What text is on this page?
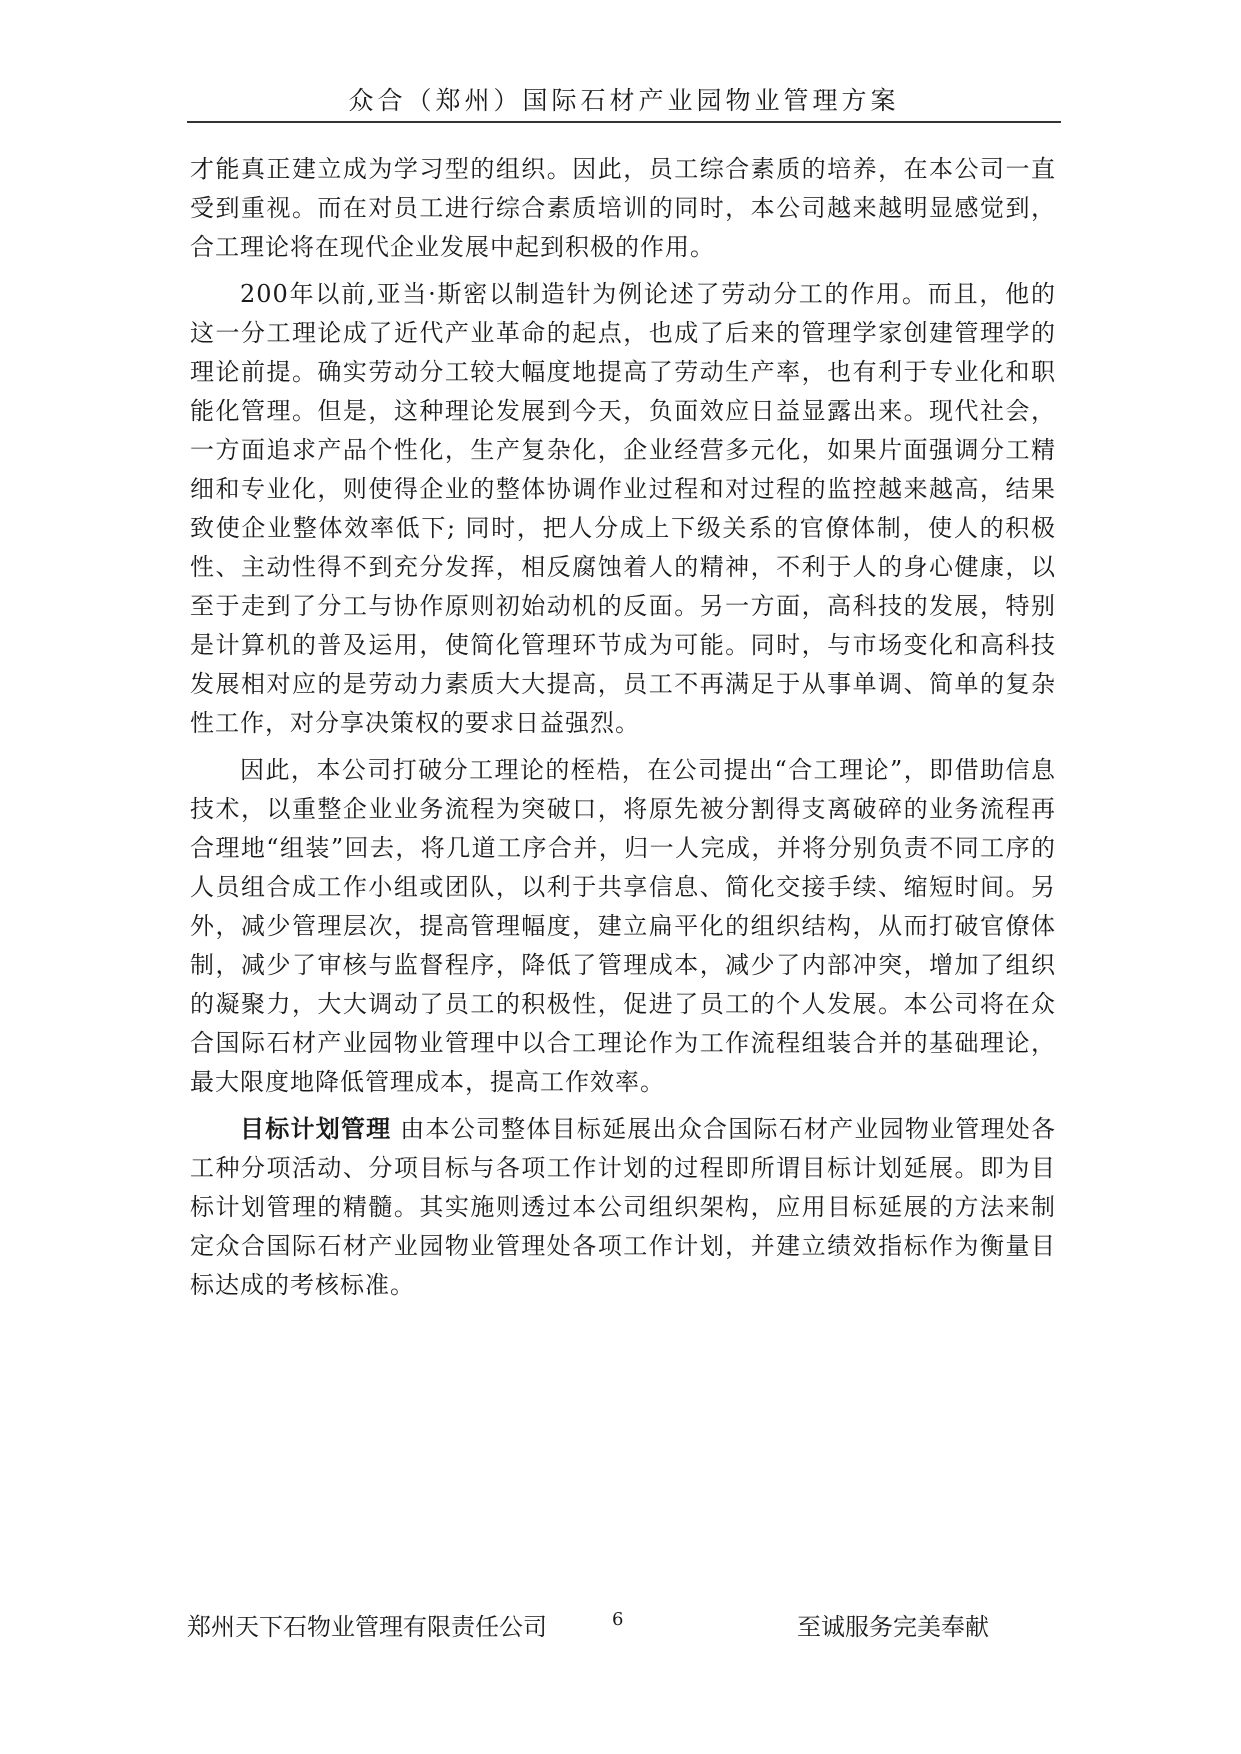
众合（郑州）国际石材产业园物业管理方案

才能真正建立成为学习型的组织。因此，员工综合素质的培养，在本公司一直受到重视。而在对员工进行综合素质培训的同时，本公司越来越明显感觉到，合工理论将在现代企业发展中起到积极的作用。

200年以前,亚当·斯密以制造针为例论述了劳动分工的作用。而且，他的这一分工理论成了近代产业革命的起点，也成了后来的管理学家创建管理学的理论前提。确实劳动分工较大幅度地提高了劳动生产率，也有利于专业化和职能化管理。但是，这种理论发展到今天，负面效应日益显露出来。现代社会，一方面追求产品个性化，生产复杂化，企业经营多元化，如果片面强调分工精细和专业化，则使得企业的整体协调作业过程和对过程的监控越来越高，结果致使企业整体效率低下; 同时，把人分成上下级关系的官僚体制，使人的积极性、主动性得不到充分发挥，相反腐蚀着人的精神，不利于人的身心健康，以至于走到了分工与协作原则初始动机的反面。另一方面，高科技的发展，特别是计算机的普及运用，使简化管理环节成为可能。同时，与市场变化和高科技发展相对应的是劳动力素质大大提高，员工不再满足于从事单调、简单的复杂性工作，对分享决策权的要求日益强烈。

因此，本公司打破分工理论的桎梏，在公司提出“合工理论”，即借助信息技术，以重整企业业务流程为突破口，将原先被分割得支离破碎的业务流程再合理地“组装”回去，将几道工序合并，归一人完成，并将分别负责不同工序的人员组合成工作小组或团队，以利于共享信息、简化交接手续、缩短时间。另外，减少管理层次，提高管理幅度，建立扁平化的组织结构，从而打破官僚体制，减少了审核与监督程序，降低了管理成本，减少了内部冲突，增加了组织的凝聚力，大大调动了员工的积极性，促进了员工的个人发展。本公司将在众合国际石材产业园物业管理中以合工理论作为工作流程组装合并的基础理论，最大限度地降低管理成本，提高工作效率。

目标计划管理 由本公司整体目标延展出众合国际石材产业园物业管理处各工种分项活动、分项目标与各项工作计划的过程即所谓目标计划延展。即为目标计划管理的精髓。其实施则透过本公司组织架构，应用目标延展的方法来制定众合国际石材产业园物业管理处各项工作计划，并建立绩效指标作为衡量目标达成的考核标准。

郑州天下石物业管理有限责任公司	6	至诚服务完美奉献
